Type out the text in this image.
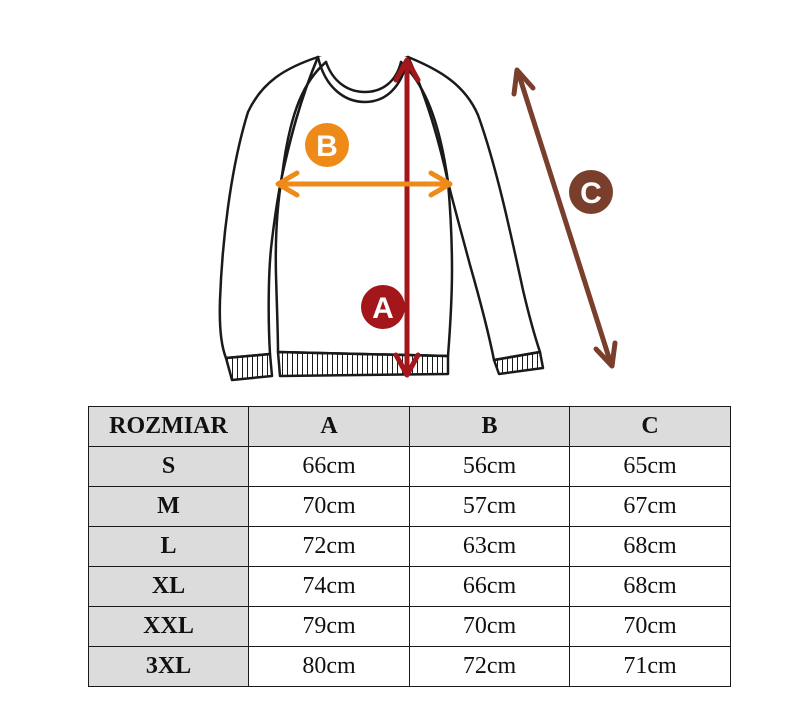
A
B
C
ROZMIAR	A	B	C
S	66cm	56cm	65cm
M	70cm	57cm	67cm
L	72cm	63cm	68cm
XL	74cm	66cm	68cm
XXL	79cm	70cm	70cm
3XL	80cm	72cm	71cm
